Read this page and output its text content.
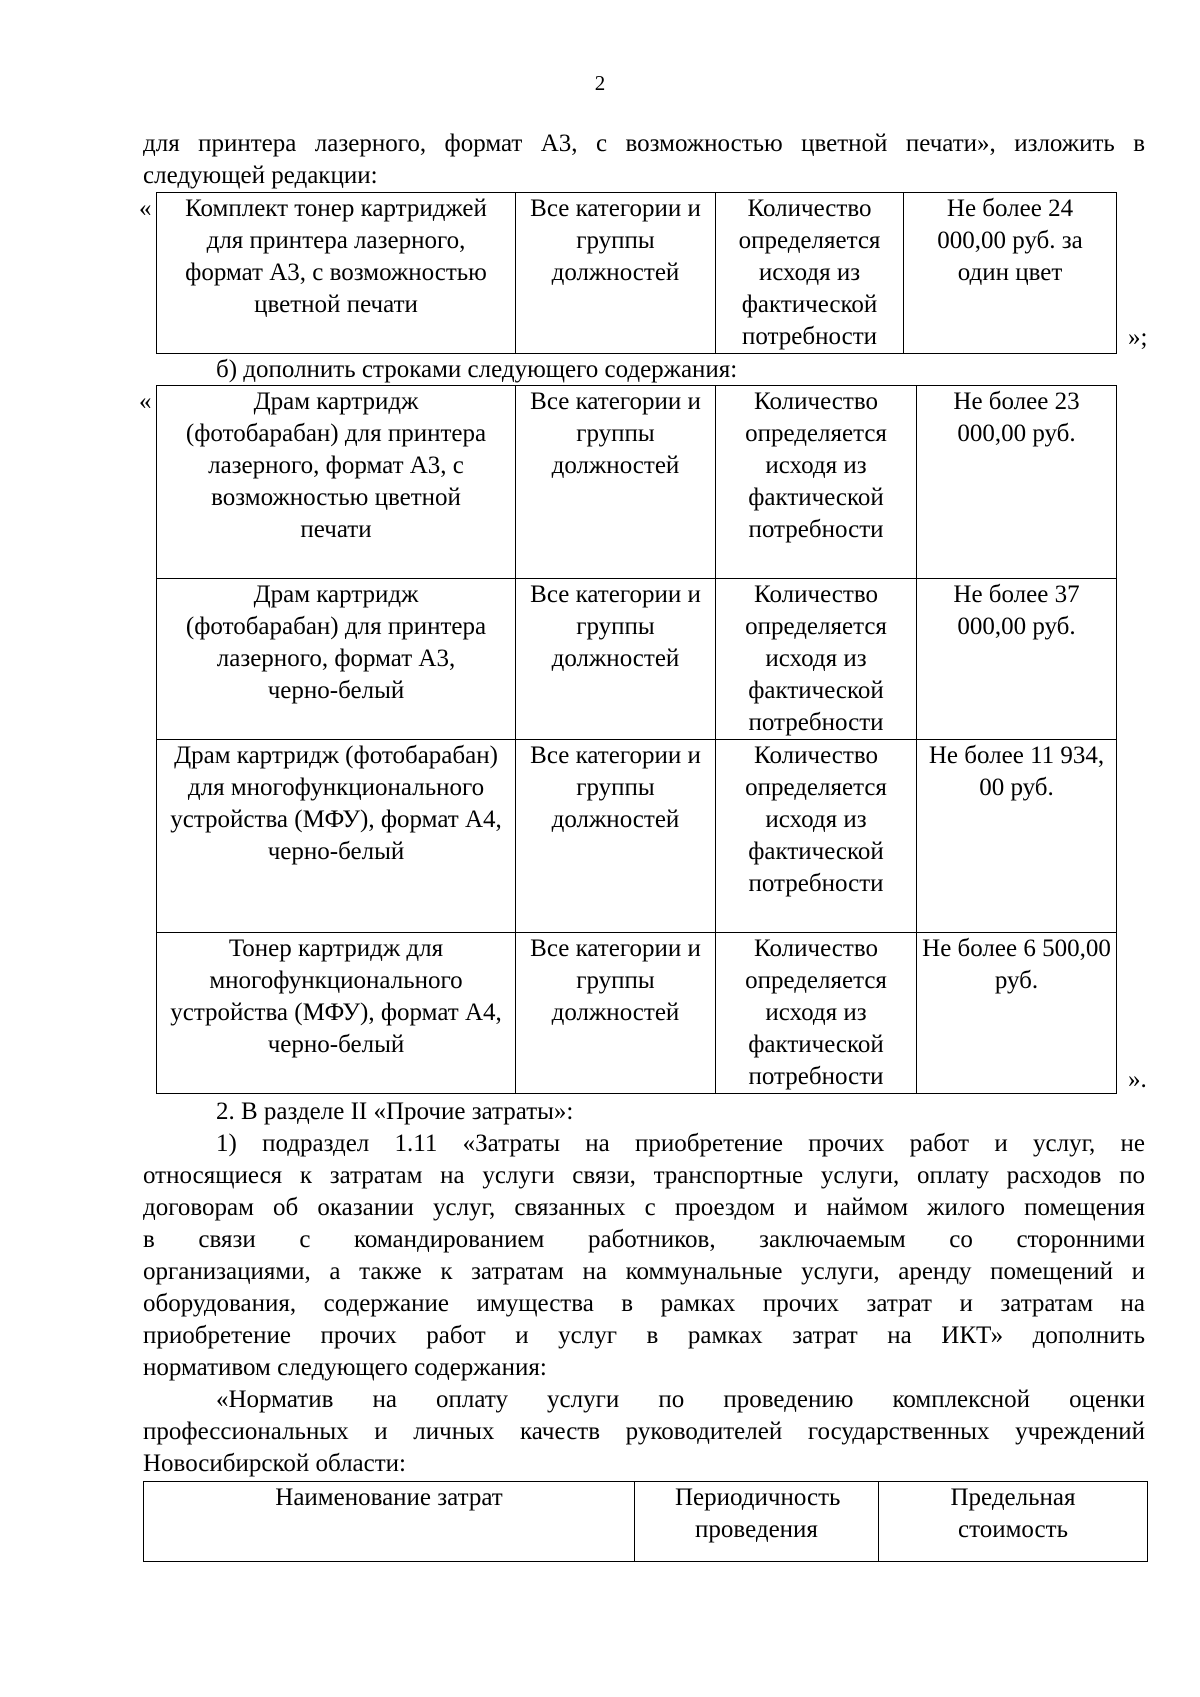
2
для принтера лазерного, формат А3, с возможностью цветной печати», изложить в
следующей редакции:
« Комплект тонер картриджей для принтера лазерного, формат А3, с возможностью цветной печати	Все категории и группы должностей	Количество определяется исходя из фактической потребности	Не более 24 000,00 руб. за один цвет
»;
б) дополнить строками следующего содержания:
«	Драм картридж (фотобарабан) для принтера лазерного, формат А3, с возможностью цветной печати	Все категории и группы должностей	Количество определяется исходя из фактической потребности	Не более 23 000,00 руб.
Драм картридж (фотобарабан) для принтера лазерного, формат А3, черно-белый	Все категории и группы должностей	Количество определяется исходя из фактической потребности	Не более 37 000,00 руб.
Драм картридж (фотобарабан) для многофункционального устройства (МФУ), формат А4, черно-белый	Все категории и группы должностей	Количество определяется исходя из фактической потребности	Не более 11 934, 00 руб.
Тонер картридж для многофункционального устройства (МФУ), формат А4, черно-белый	Все категории и группы должностей	Количество определяется исходя из фактической потребности	Не более 6 500,00 руб.
».
2. В разделе II «Прочие затраты»:
1) подраздел 1.11 «Затраты на приобретение прочих работ и услуг, не
относящиеся к затратам на услуги связи, транспортные услуги, оплату расходов по
договорам об оказании услуг, связанных с проездом и наймом жилого помещения
в связи с командированием работников, заключаемым со сторонними
организациями, а также к затратам на коммунальные услуги, аренду помещений и
оборудования, содержание имущества в рамках прочих затрат и затратам на
приобретение прочих работ и услуг в рамках затрат на ИКТ» дополнить
нормативом следующего содержания:
«Норматив на оплату услуги по проведению комплексной оценки
профессиональных и личных качеств руководителей государственных учреждений
Новосибирской области:
Наименование затрат	Периодичность проведения	Предельная стоимость
